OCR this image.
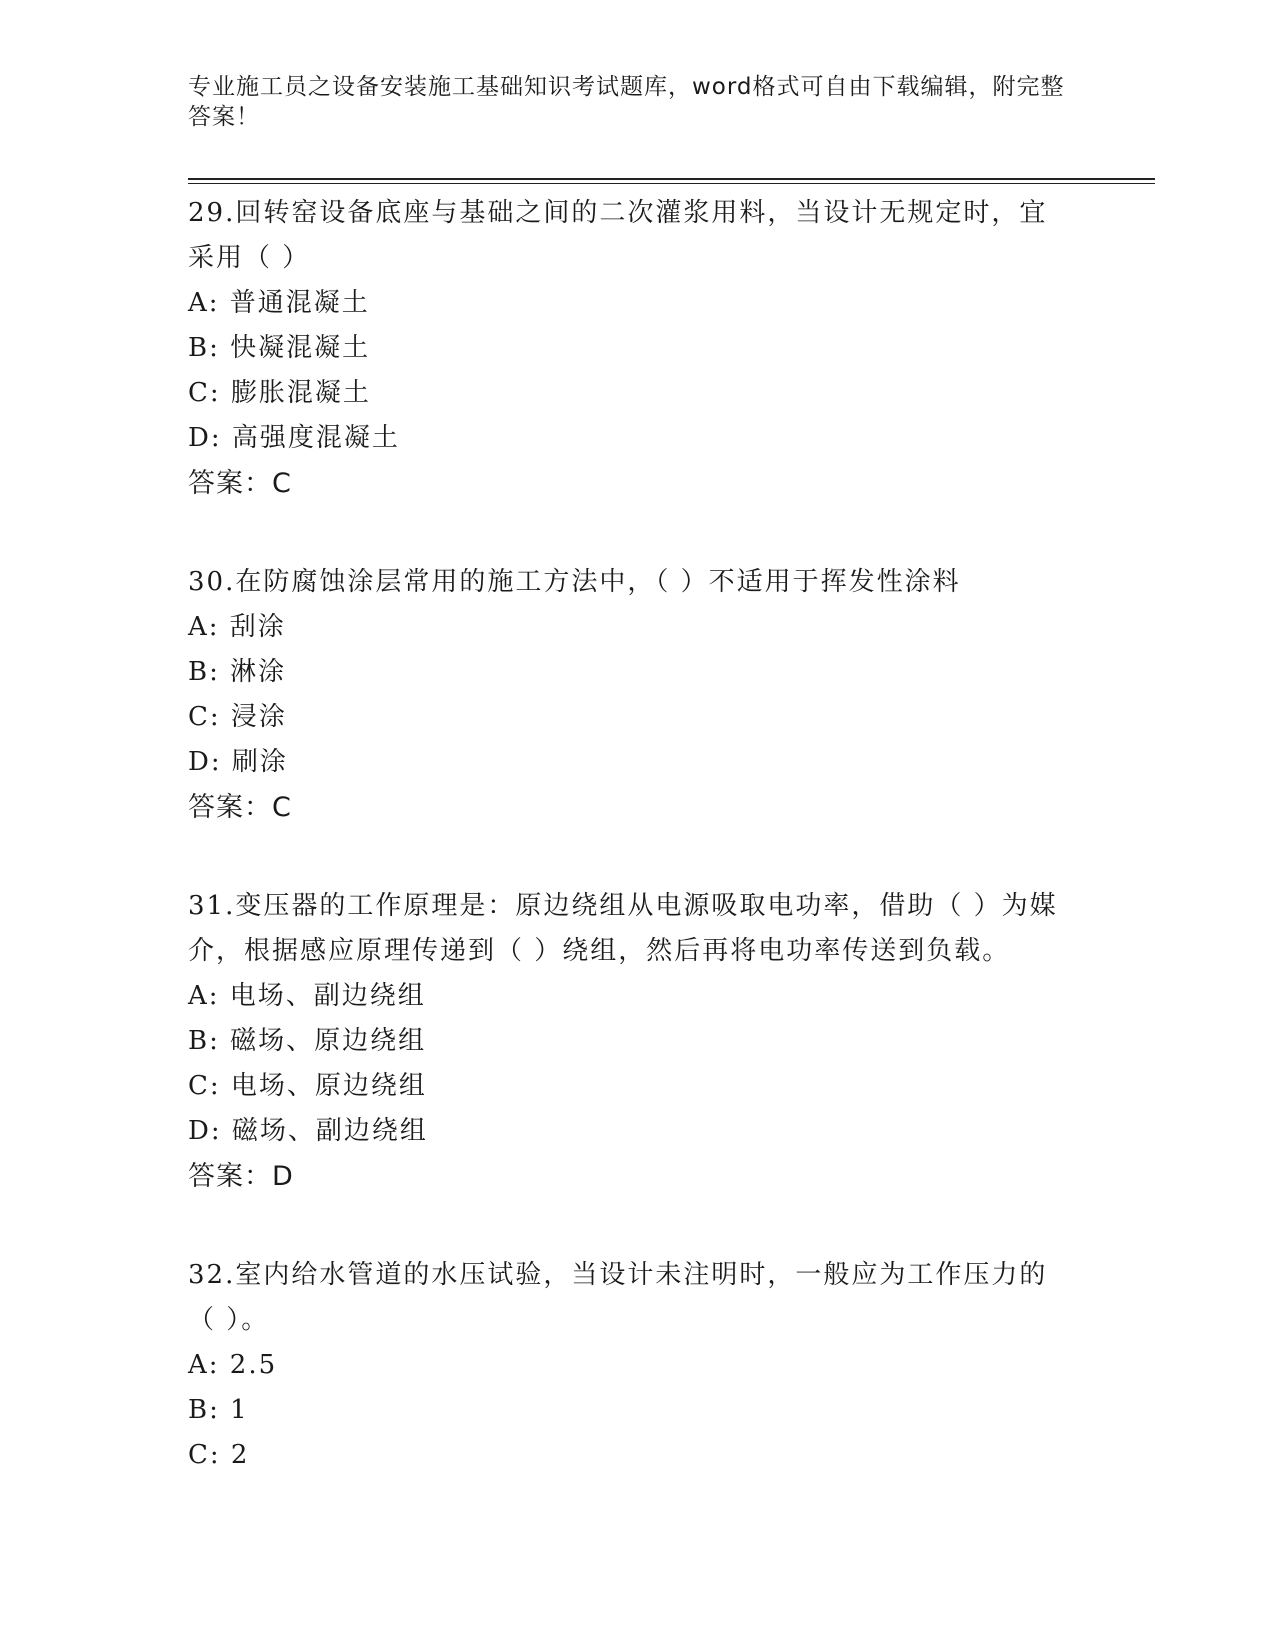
专业施工员之设备安装施工基础知识考试题库，word格式可自由下载编辑，附完整答案！
29.回转窑设备底座与基础之间的二次灌浆用料，当设计无规定时，宜采用（ ）
A: 普通混凝土
B: 快凝混凝土
C: 膨胀混凝土
D: 高强度混凝土
答案：C
30.在防腐蚀涂层常用的施工方法中，（ ）不适用于挥发性涂料
A: 刮涂
B: 淋涂
C: 浸涂
D: 刷涂
答案：C
31.变压器的工作原理是：原边绕组从电源吸取电功率，借助（ ）为媒介，根据感应原理传递到（ ）绕组，然后再将电功率传送到负载。
A: 电场、副边绕组
B: 磁场、原边绕组
C: 电场、原边绕组
D: 磁场、副边绕组
答案：D
32.室内给水管道的水压试验，当设计未注明时，一般应为工作压力的（ ）。
A: 2.5
B: 1
C: 2
